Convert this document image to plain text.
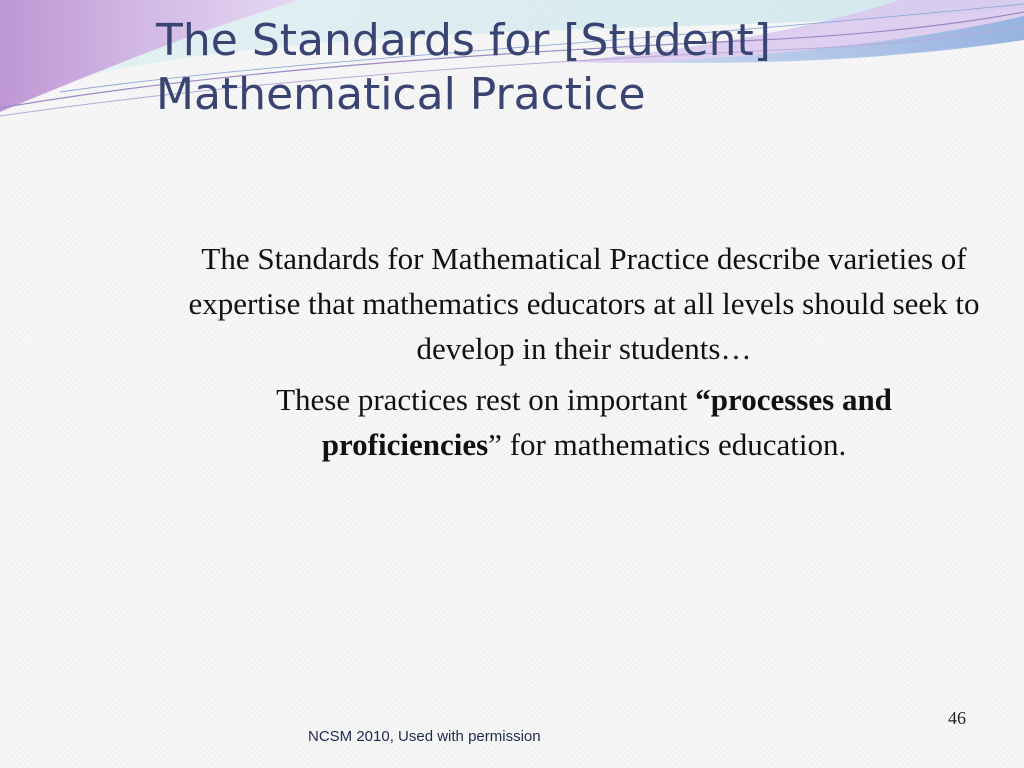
The Standards for [Student]
Mathematical Practice

The Standards for Mathematical Practice describe varieties of expertise that mathematics educators at all levels should seek to develop in their students…

These practices rest on important “processes and
proficiencies” for mathematics education.

46
NCSM 2010, Used with permission
